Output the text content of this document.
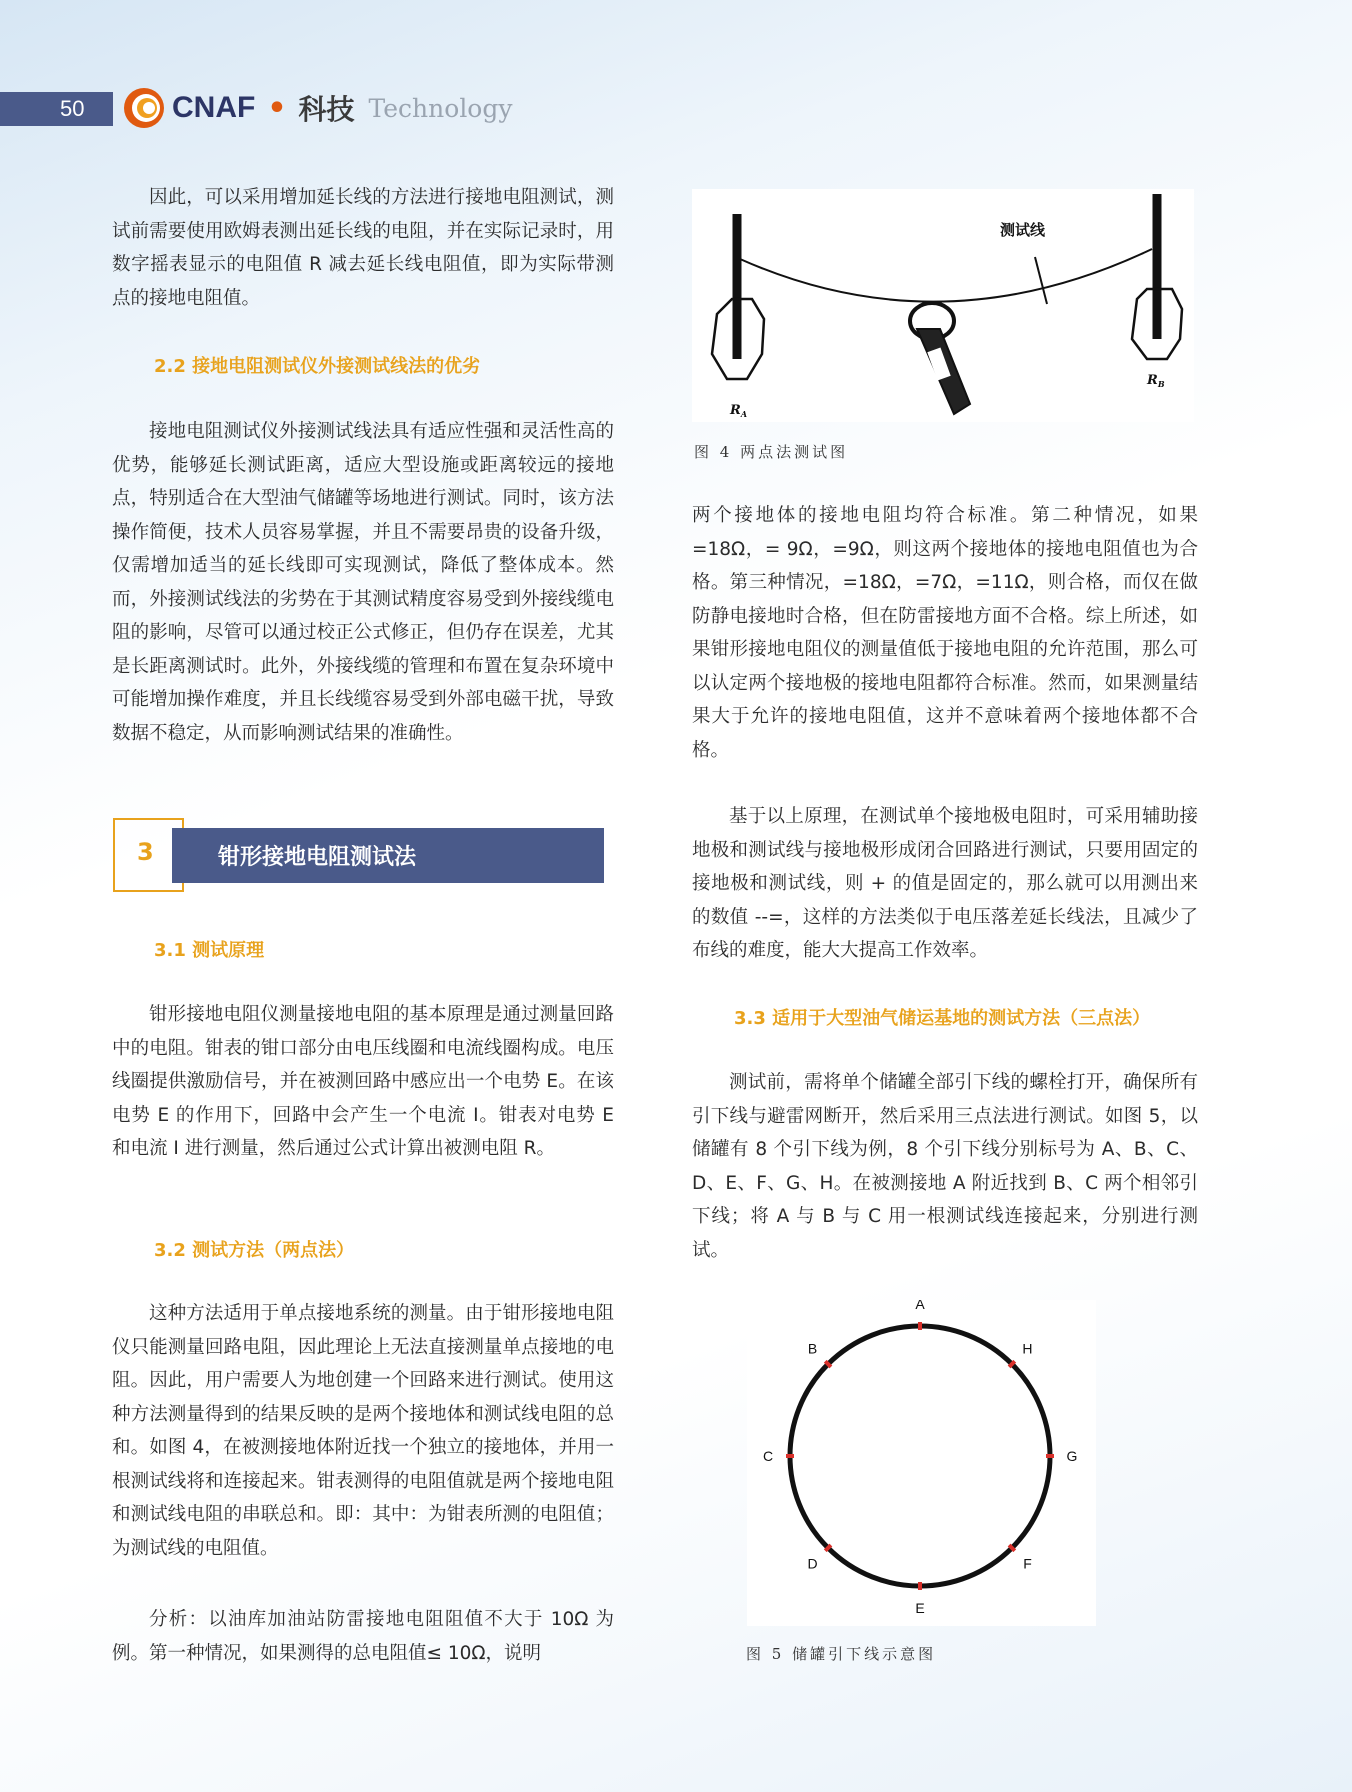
50	CNAF • 科技 Technology

因此，可以采用增加延长线的方法进行接地电阻测试，测试前需要使用欧姆表测出延长线的电阻，并在实际记录时，用数字摇表显示的电阻值 R 减去延长线电阻值，即为实际带测点的接地电阻值。

2.2 接地电阻测试仪外接测试线法的优劣

接地电阻测试仪外接测试线法具有适应性强和灵活性高的优势，能够延长测试距离，适应大型设施或距离较远的接地点，特别适合在大型油气储罐等场地进行测试。同时，该方法操作简便，技术人员容易掌握，并且不需要昂贵的设备升级，仅需增加适当的延长线即可实现测试，降低了整体成本。然而，外接测试线法的劣势在于其测试精度容易受到外接线缆电阻的影响，尽管可以通过校正公式修正，但仍存在误差，尤其是长距离测试时。此外，外接线缆的管理和布置在复杂环境中可能增加操作难度，并且长线缆容易受到外部电磁干扰，导致数据不稳定，从而影响测试结果的准确性。

3	钳形接地电阻测试法
3.1 测试原理

钳形接地电阻仪测量接地电阻的基本原理是通过测量回路中的电阻。钳表的钳口部分由电压线圈和电流线圈构成。电压线圈提供激励信号，并在被测回路中感应出一个电势 E。在该电势 E 的作用下，回路中会产生一个电流 I。钳表对电势 E 和电流 I 进行测量，然后通过公式计算出被测电阻 R。

3.2 测试方法（两点法）

这种方法适用于单点接地系统的测量。由于钳形接地电阻仪只能测量回路电阻，因此理论上无法直接测量单点接地的电阻。因此，用户需要人为地创建一个回路来进行测试。使用这种方法测量得到的结果反映的是两个接地体和测试线电阻的总和。如图 4，在被测接地体附近找一个独立的接地体，并用一根测试线将和连接起来。钳表测得的电阻值就是两个接地电阻和测试线电阻的串联总和。即：其中：为钳表所测的电阻值；为测试线的电阻值。

分析：以油库加油站防雷接地电阻阻值不大于 10Ω 为例。第一种情况，如果测得的总电阻值≤ 10Ω，说明

测试线
$R_A$
$R_B$
图 4 两点法测试图

两个接地体的接地电阻均符合标准。第二种情况，如果 =18Ω，= 9Ω，=9Ω，则这两个接地体的接地电阻值也为合格。第三种情况，=18Ω，=7Ω，=11Ω，则合格，而仅在做防静电接地时合格，但在防雷接地方面不合格。综上所述，如果钳形接地电阻仪的测量值低于接地电阻的允许范围，那么可以认定两个接地极的接地电阻都符合标准。然而，如果测量结果大于允许的接地电阻值，这并不意味着两个接地体都不合格。

基于以上原理，在测试单个接地极电阻时，可采用辅助接地极和测试线与接地极形成闭合回路进行测试，只要用固定的接地极和测试线，则 + 的值是固定的，那么就可以用测出来的数值 --=，这样的方法类似于电压落差延长线法，且减少了布线的难度，能大大提高工作效率。

3.3 适用于大型油气储运基地的测试方法（三点法）

测试前，需将单个储罐全部引下线的螺栓打开，确保所有引下线与避雷网断开，然后采用三点法进行测试。如图 5，以储罐有 8 个引下线为例，8 个引下线分别标号为 A、B、C、D、E、F、G、H。在被测接地 A 附近找到 B、C 两个相邻引下线；将 A 与 B 与 C 用一根测试线连接起来，分别进行测试。

A
B
C
D
E
F
G
H
图 5 储罐引下线示意图
